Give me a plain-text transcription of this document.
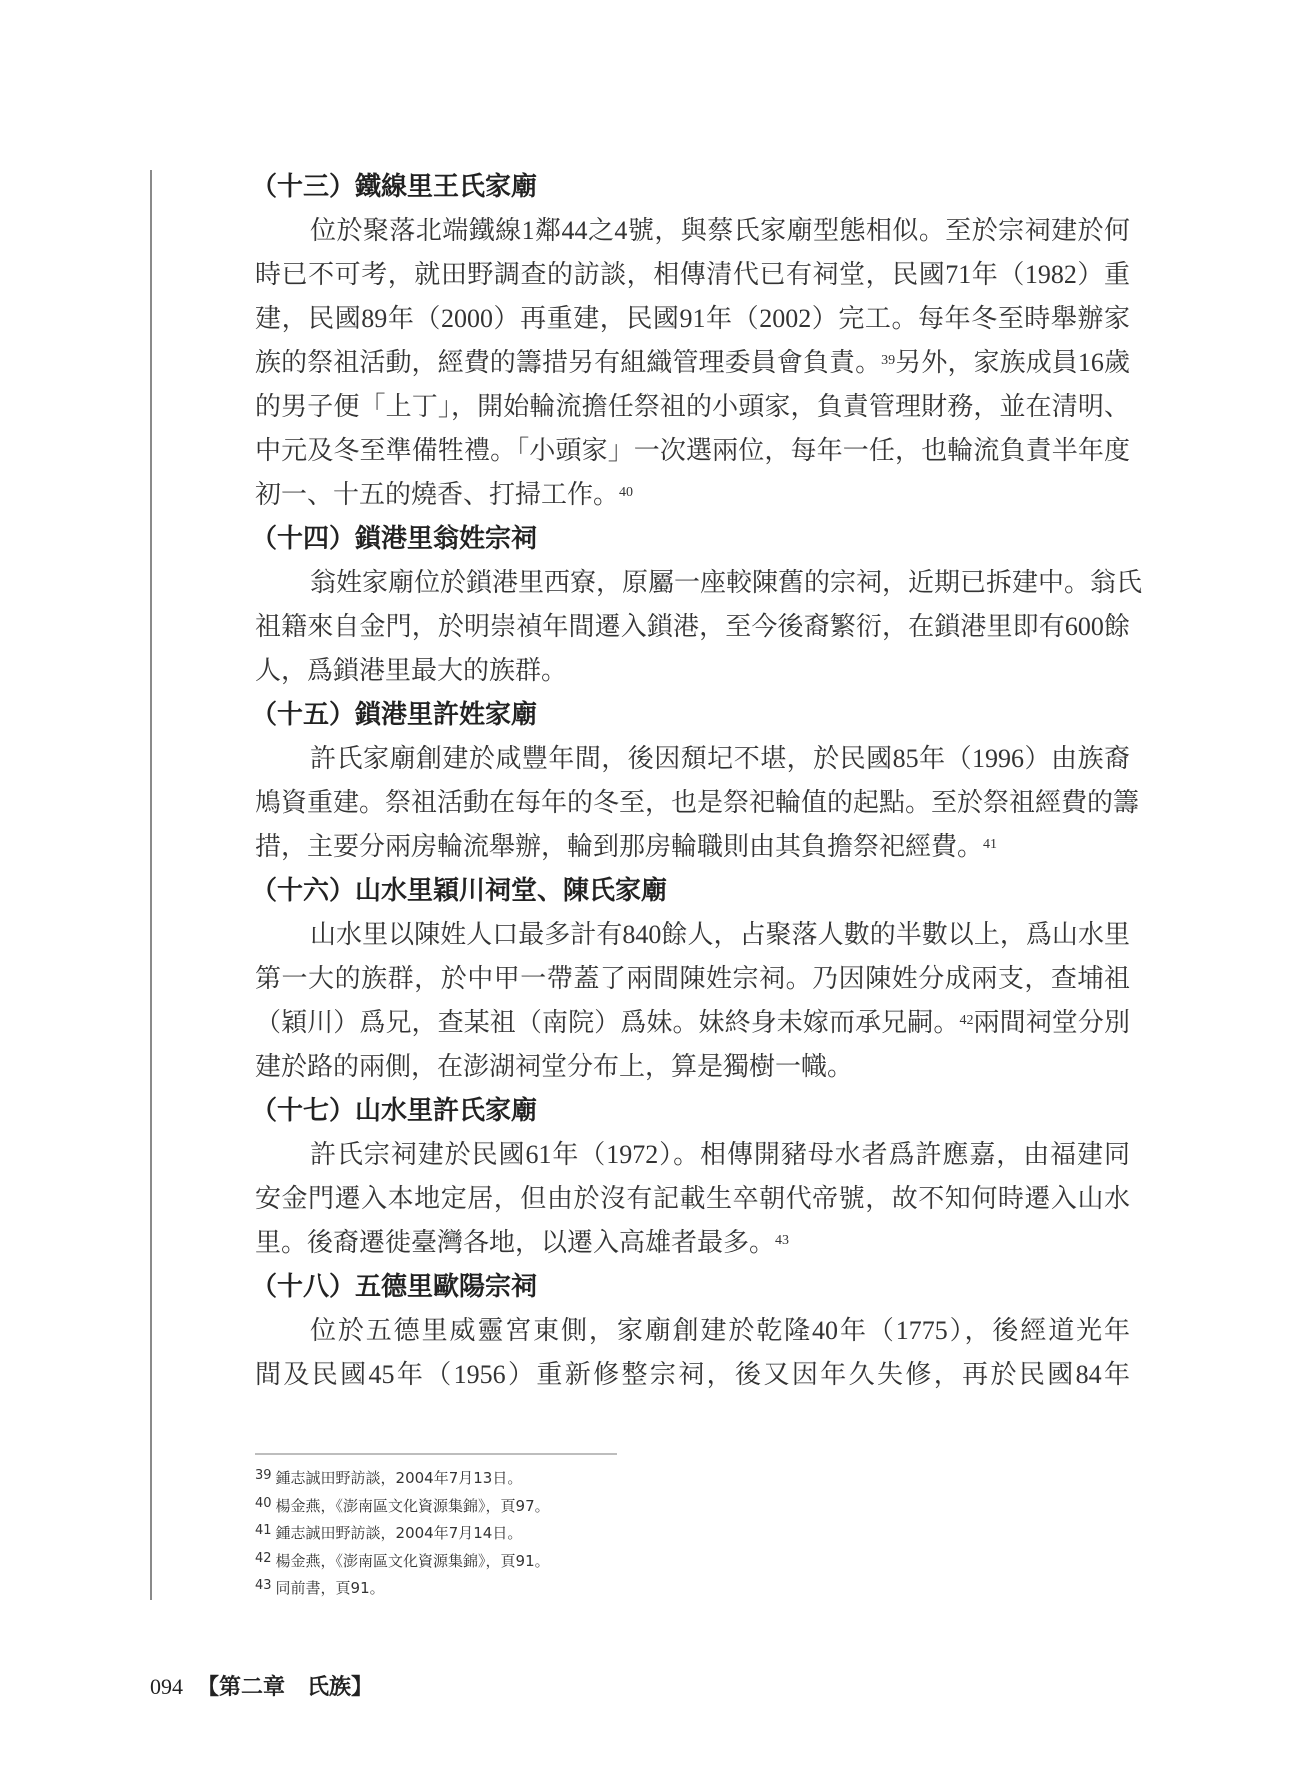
（十三）鐵線里王氏家廟
位於聚落北端鐵線1鄰44之4號，與蔡氏家廟型態相似。至於宗祠建於何
時已不可考，就田野調查的訪談，相傳清代已有祠堂，民國71年（1982）重
建，民國89年（2000）再重建，民國91年（2002）完工。每年冬至時舉辦家
族的祭祖活動，經費的籌措另有組織管理委員會負責。$^{39}$另外，家族成員16歲
的男子便「上丁」，開始輪流擔任祭祖的小頭家，負責管理財務，並在清明、
中元及冬至準備牲禮。「小頭家」一次選兩位，每年一任，也輪流負責半年度
初一、十五的燒香、打掃工作。$^{40}$
（十四）鎖港里翁姓宗祠
翁姓家廟位於鎖港里西寮，原屬一座較陳舊的宗祠，近期已拆建中。翁氏
祖籍來自金門，於明崇禎年間遷入鎖港，至今後裔繁衍，在鎖港里即有600餘
人，爲鎖港里最大的族群。
（十五）鎖港里許姓家廟
許氏家廟創建於咸豐年間，後因頹圮不堪，於民國85年（1996）由族裔
鳩資重建。祭祖活動在每年的冬至，也是祭祀輪值的起點。至於祭祖經費的籌
措，主要分兩房輪流舉辦，輪到那房輪職則由其負擔祭祀經費。$^{41}$
（十六）山水里穎川祠堂、陳氏家廟
山水里以陳姓人口最多計有840餘人，占聚落人數的半數以上，爲山水里
第一大的族群，於中甲一帶蓋了兩間陳姓宗祠。乃因陳姓分成兩支，查埔祖
（穎川）爲兄，查某祖（南院）爲妹。妹終身未嫁而承兄嗣。$^{42}$兩間祠堂分別
建於路的兩側，在澎湖祠堂分布上，算是獨樹一幟。
（十七）山水里許氏家廟
許氏宗祠建於民國61年（1972）。相傳開豬母水者爲許應嘉，由福建同
安金門遷入本地定居，但由於沒有記載生卒朝代帝號，故不知何時遷入山水
里。後裔遷徙臺灣各地，以遷入高雄者最多。$^{43}$
（十八）五德里歐陽宗祠
位於五德里威靈宮東側，家廟創建於乾隆40年（1775），後經道光年
間及民國45年（1956）重新修整宗祠，後又因年久失修，再於民國84年
39 鍾志誠田野訪談，2004年7月13日。
40 楊金燕，《澎南區文化資源集錦》，頁97。
41 鍾志誠田野訪談，2004年7月14日。
42 楊金燕，《澎南區文化資源集錦》，頁91。
43 同前書，頁91。
094 【第二章　氏族】
